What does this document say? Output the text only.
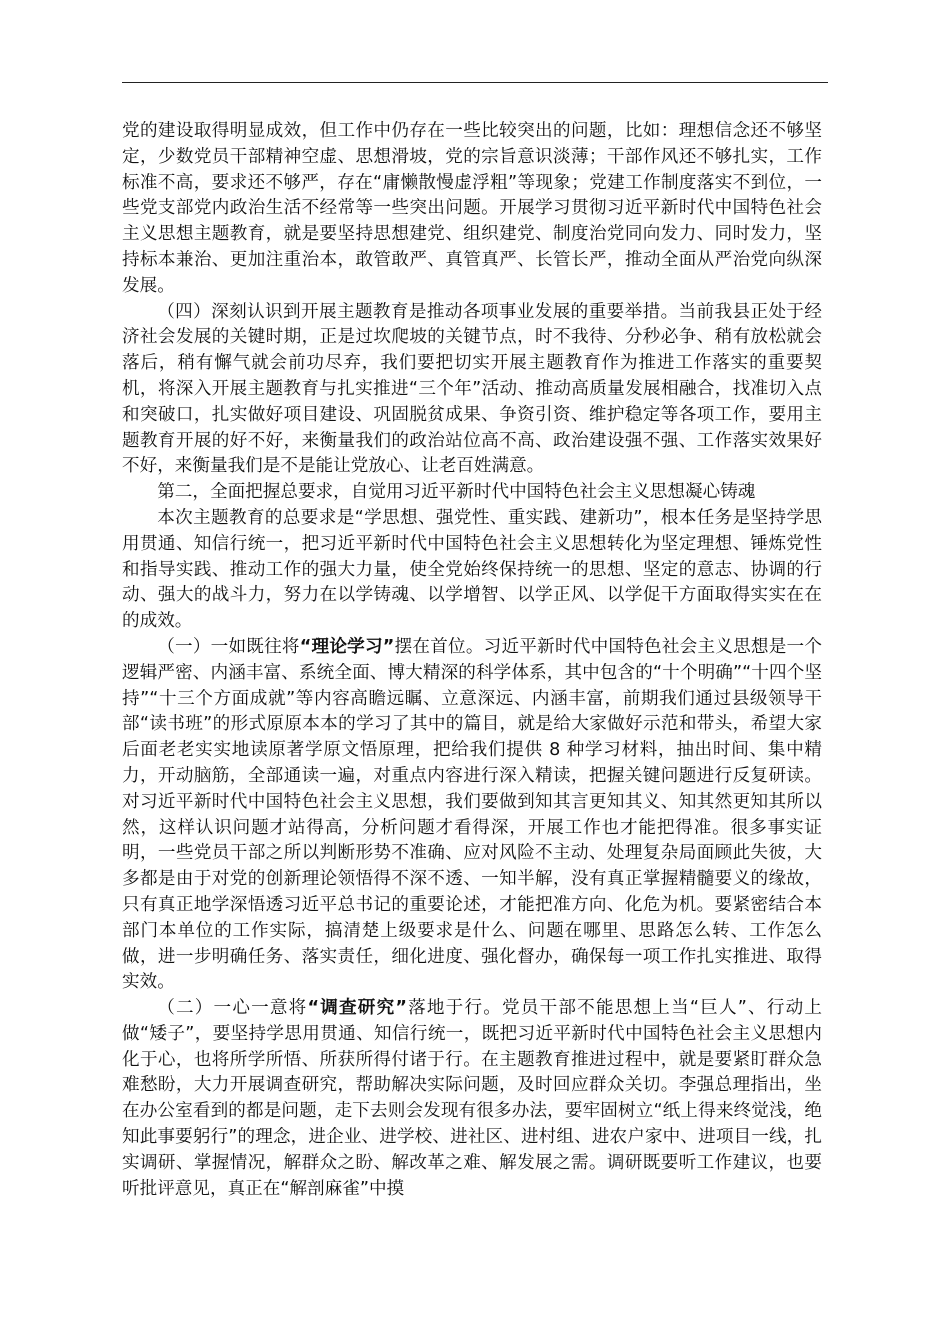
党的建设取得明显成效，但工作中仍存在一些比较突出的问题，比如：理想信念还不够坚定，少数党员干部精神空虚、思想滑坡，党的宗旨意识淡薄；干部作风还不够扎实，工作标准不高，要求还不够严，存在“庸懒散慢虚浮粗”等现象；党建工作制度落实不到位，一些党支部党内政治生活不经常等一些突出问题。开展学习贯彻习近平新时代中国特色社会主义思想主题教育，就是要坚持思想建党、组织建党、制度治党同向发力、同时发力，坚持标本兼治、更加注重治本，敢管敢严、真管真严、长管长严，推动全面从严治党向纵深发展。

（四）深刻认识到开展主题教育是推动各项事业发展的重要举措。当前我县正处于经济社会发展的关键时期，正是过坎爬坡的关键节点，时不我待、分秒必争、稍有放松就会落后，稍有懈气就会前功尽弃，我们要把切实开展主题教育作为推进工作落实的重要契机，将深入开展主题教育与扎实推进“三个年”活动、推动高质量发展相融合，找准切入点和突破口，扎实做好项目建设、巩固脱贫成果、争资引资、维护稳定等各项工作，要用主题教育开展的好不好，来衡量我们的政治站位高不高、政治建设强不强、工作落实效果好不好，来衡量我们是不是能让党放心、让老百姓满意。

第二，全面把握总要求，自觉用习近平新时代中国特色社会主义思想凝心铸魂

本次主题教育的总要求是“学思想、强党性、重实践、建新功”，根本任务是坚持学思用贯通、知信行统一，把习近平新时代中国特色社会主义思想转化为坚定理想、锤炼党性和指导实践、推动工作的强大力量，使全党始终保持统一的思想、坚定的意志、协调的行动、强大的战斗力，努力在以学铸魂、以学增智、以学正风、以学促干方面取得实实在在的成效。

（一）一如既往将“理论学习”摆在首位。习近平新时代中国特色社会主义思想是一个逻辑严密、内涵丰富、系统全面、博大精深的科学体系，其中包含的“十个明确”“十四个坚持”“十三个方面成就”等内容高瞻远瞩、立意深远、内涵丰富，前期我们通过县级领导干部“读书班”的形式原原本本的学习了其中的篇目，就是给大家做好示范和带头，希望大家后面老老实实地读原著学原文悟原理，把给我们提供 8 种学习材料，抽出时间、集中精力，开动脑筋，全部通读一遍，对重点内容进行深入精读，把握关键问题进行反复研读。对习近平新时代中国特色社会主义思想，我们要做到知其言更知其义、知其然更知其所以然，这样认识问题才站得高，分析问题才看得深，开展工作也才能把得准。很多事实证明，一些党员干部之所以判断形势不准确、应对风险不主动、处理复杂局面顾此失彼，大多都是由于对党的创新理论领悟得不深不透、一知半解，没有真正掌握精髓要义的缘故，只有真正地学深悟透习近平总书记的重要论述，才能把准方向、化危为机。要紧密结合本部门本单位的工作实际，搞清楚上级要求是什么、问题在哪里、思路怎么转、工作怎么做，进一步明确任务、落实责任，细化进度、强化督办，确保每一项工作扎实推进、取得实效。

（二）一心一意将“调查研究”落地于行。党员干部不能思想上当“巨人”、行动上做“矮子”，要坚持学思用贯通、知信行统一，既把习近平新时代中国特色社会主义思想内化于心，也将所学所悟、所获所得付诸于行。在主题教育推进过程中，就是要紧盯群众急难愁盼，大力开展调查研究，帮助解决实际问题，及时回应群众关切。李强总理指出，坐在办公室看到的都是问题，走下去则会发现有很多办法，要牢固树立“纸上得来终觉浅，绝知此事要躬行”的理念，进企业、进学校、进社区、进村组、进农户家中、进项目一线，扎实调研、掌握情况，解群众之盼、解改革之难、解发展之需。调研既要听工作建议，也要听批评意见，真正在“解剖麻雀”中摸
